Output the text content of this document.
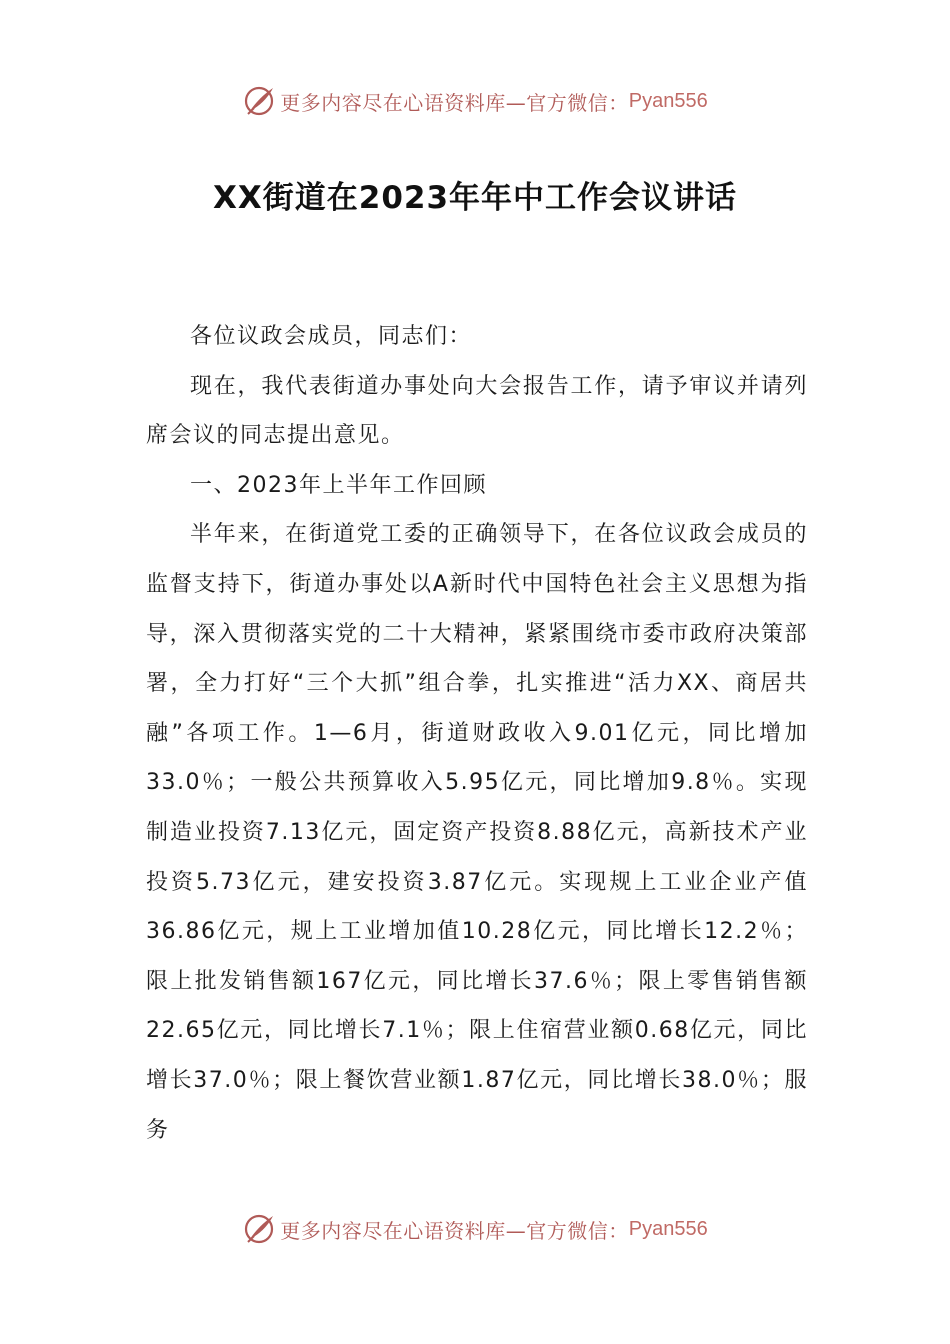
更多内容尽在心语资料库—官方微信： Pyan556
XX街道在2023年年中工作会议讲话

各位议政会成员，同志们：

现在，我代表街道办事处向大会报告工作，请予审议并请列席会议的同志提出意见。

一、2023年上半年工作回顾

半年来，在街道党工委的正确领导下，在各位议政会成员的监督支持下，街道办事处以A新时代中国特色社会主义思想为指导，深入贯彻落实党的二十大精神，紧紧围绕市委市政府决策部署，全力打好“三个大抓”组合拳，扎实推进“活力XX、商居共融”各项工作。1—6月，街道财政收入9.01亿元，同比增加33.0％；一般公共预算收入5.95亿元，同比增加9.8％。实现制造业投资7.13亿元，固定资产投资8.88亿元，高新技术产业投资5.73亿元，建安投资3.87亿元。实现规上工业企业产值36.86亿元，规上工业增加值10.28亿元，同比增长12.2％；限上批发销售额167亿元，同比增长37.6％；限上零售销售额22.65亿元，同比增长7.1％；限上住宿营业额0.68亿元，同比增长37.0％；限上餐饮营业额1.87亿元，同比增长38.0％；服务

更多内容尽在心语资料库—官方微信： Pyan556
